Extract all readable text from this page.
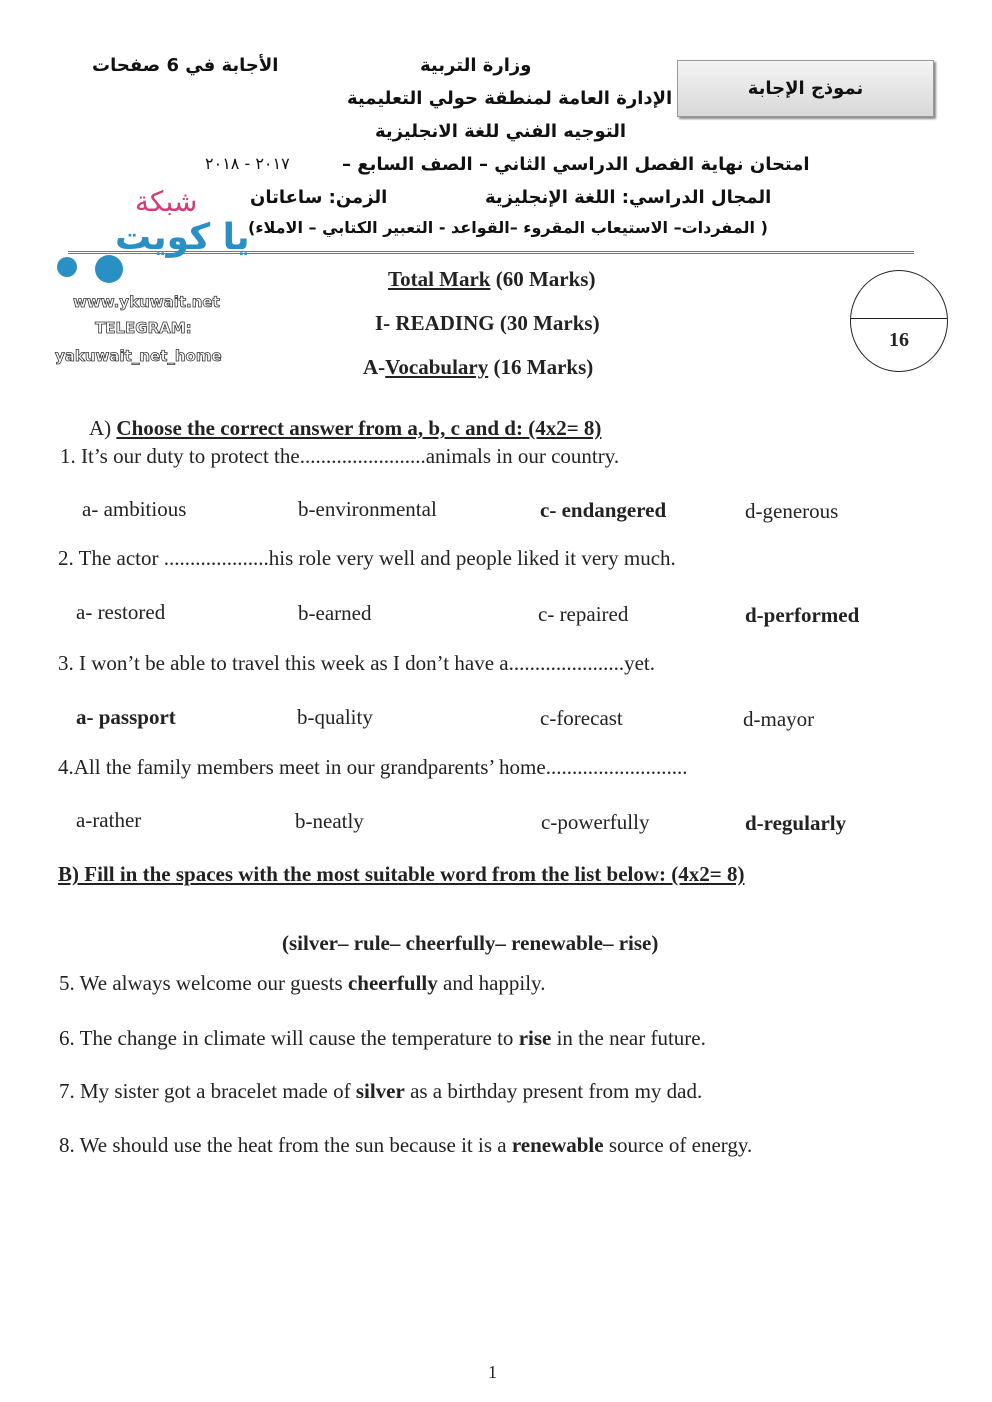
الأجابة في 6 صفحات	وزارة التربية
الإدارة العامة لمنطقة حولي التعليمية
التوجيه الفني للغة الانجليزية
امتحان نهاية الفصل الدراسي الثاني – الصف السابع –
٢٠١٧ - ٢٠١٨
المجال الدراسي: اللغة الإنجليزية
الزمن: ساعاتان
( المفردات– الاستيعاب المقروء –القواعد - التعبير الكتابي – الاملاء)
نموذج الإجابة
شبكة
يا كويت
www.ykuwait.net
TELEGRAM:
yakuwait_net_home
Total Mark (60 Marks)
I- READING (30 Marks)
A-Vocabulary (16 Marks)
16
A) Choose the correct answer from a, b, c and d: (4x2= 8)
1. It’s our duty to protect the........................animals in our country.
a- ambitious	b-environmental	c- endangered	d-generous
2. The actor ....................his role very well and people liked it very much.
a- restored	b-earned	c- repaired	d-performed
3. I won’t be able to travel this week as I don’t have a......................yet.
a- passport	b-quality	c-forecast	d-mayor
4.All the family members meet in our grandparents’ home...........................
a-rather	b-neatly	c-powerfully	d-regularly
B) Fill in the spaces with the most suitable word from the list below: (4x2= 8)
(silver– rule– cheerfully– renewable– rise)
5. We always welcome our guests cheerfully and happily.
6. The change in climate will cause the temperature to rise in the near future.
7. My sister got a bracelet made of silver as a birthday present from my dad.
8. We should use the heat from the sun because it is a renewable source of energy.
1
